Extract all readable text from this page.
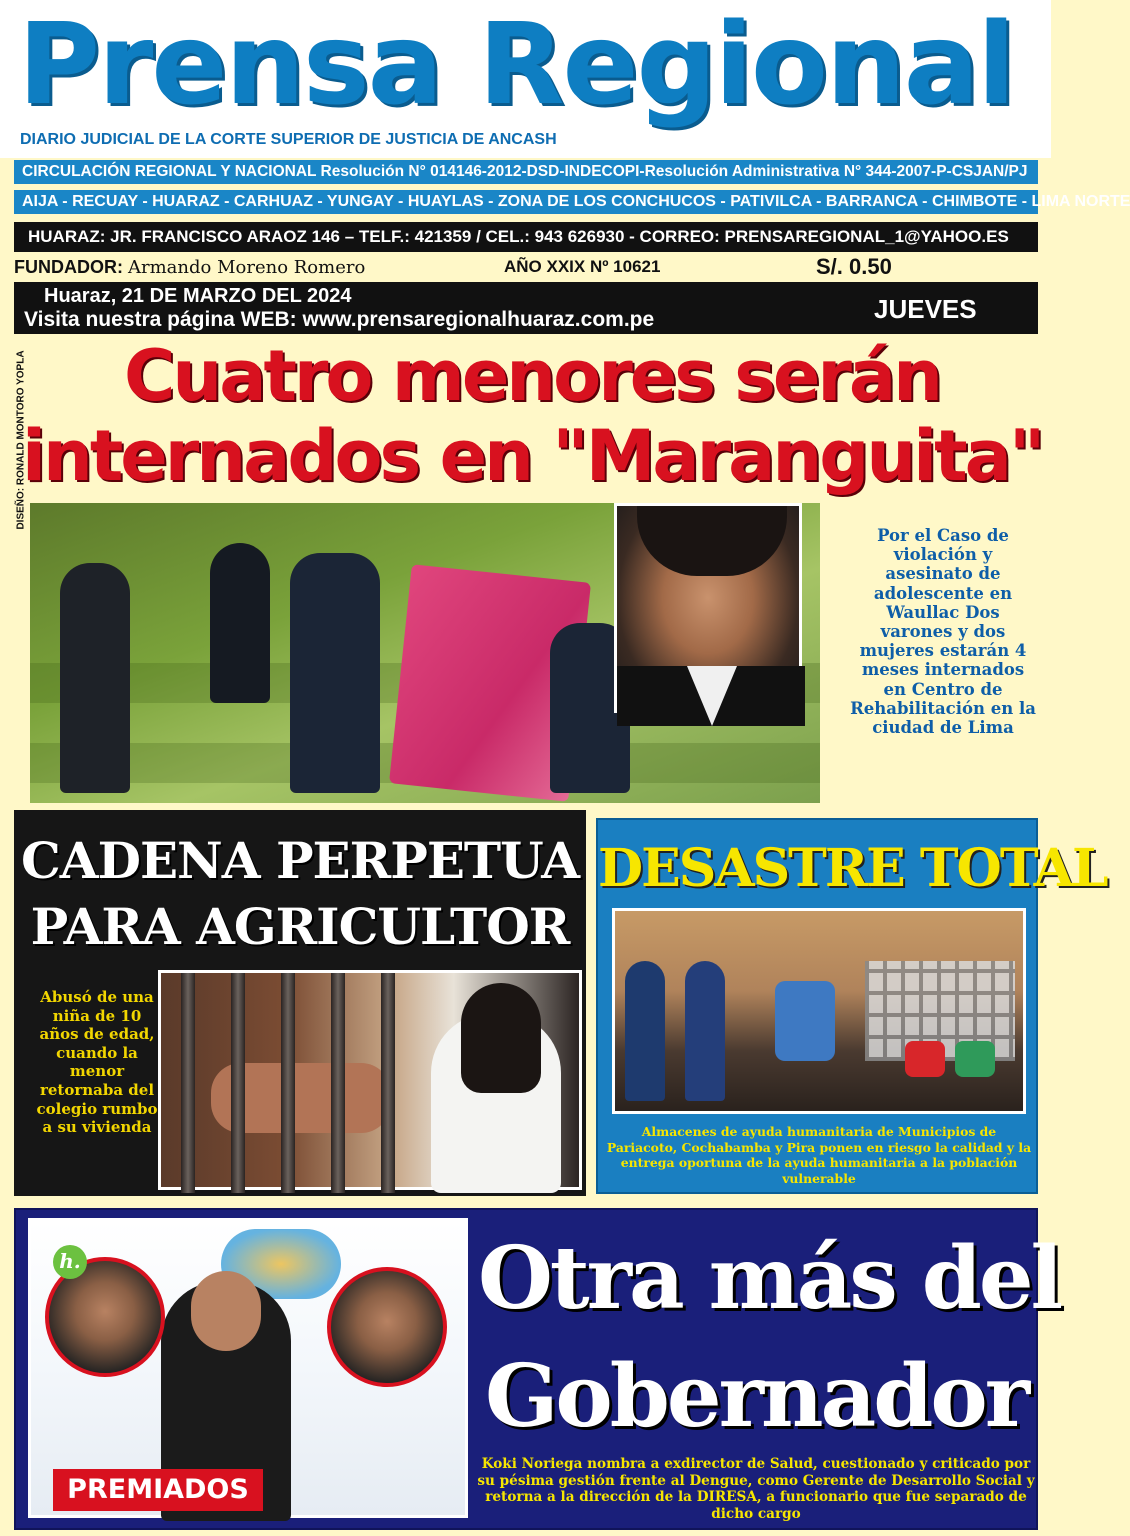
Prensa Regional
DIARIO JUDICIAL DE LA CORTE SUPERIOR DE JUSTICIA DE ANCASH
CIRCULACIÓN REGIONAL Y NACIONAL Resolución N° 014146-2012-DSD-INDECOPI-Resolución Administrativa N° 344-2007-P-CSJAN/PJ
AIJA - RECUAY - HUARAZ - CARHUAZ - YUNGAY - HUAYLAS - ZONA DE LOS CONCHUCOS - PATIVILCA - BARRANCA - CHIMBOTE - LIMA NORTE
HUARAZ: JR. FRANCISCO ARAOZ 146 – TELF.: 421359 / CEL.: 943 626930 - CORREO: PRENSAREGIONAL_1@YAHOO.ES
FUNDADOR: Armando Moreno Romero	AÑO XXIX Nº 10621	S/. 0.50
Huaraz, 21 DE MARZO DEL 2024
Visita nuestra página WEB: www.prensaregionalhuaraz.com.pe	JUEVES
DISEÑO: RONALD MONTORO YOPLA	Cuatro menores serán
internados en "Maranguita"
Por el Caso de violación y asesinato de adolescente en Waullac Dos varones y dos mujeres estarán 4 meses internados en Centro de Rehabilitación en la ciudad de Lima
CADENA PERPETUA
PARA AGRICULTOR
Abusó de una niña de 10 años de edad, cuando la menor retornaba del colegio rumbo a su vivienda
DESASTRE TOTAL
Almacenes de ayuda humanitaria de Municipios de Pariacoto, Cochabamba y Pira ponen en riesgo la calidad y la entrega oportuna de la ayuda humanitaria a la población vulnerable
h.
PREMIADOS
Otra más del
Gobernador
Koki Noriega nombra a exdirector de Salud, cuestionado y criticado por su pésima gestión frente al Dengue, como Gerente de Desarrollo Social y retorna a la dirección de la DIRESA, a funcionario que fue separado de dicho cargo
